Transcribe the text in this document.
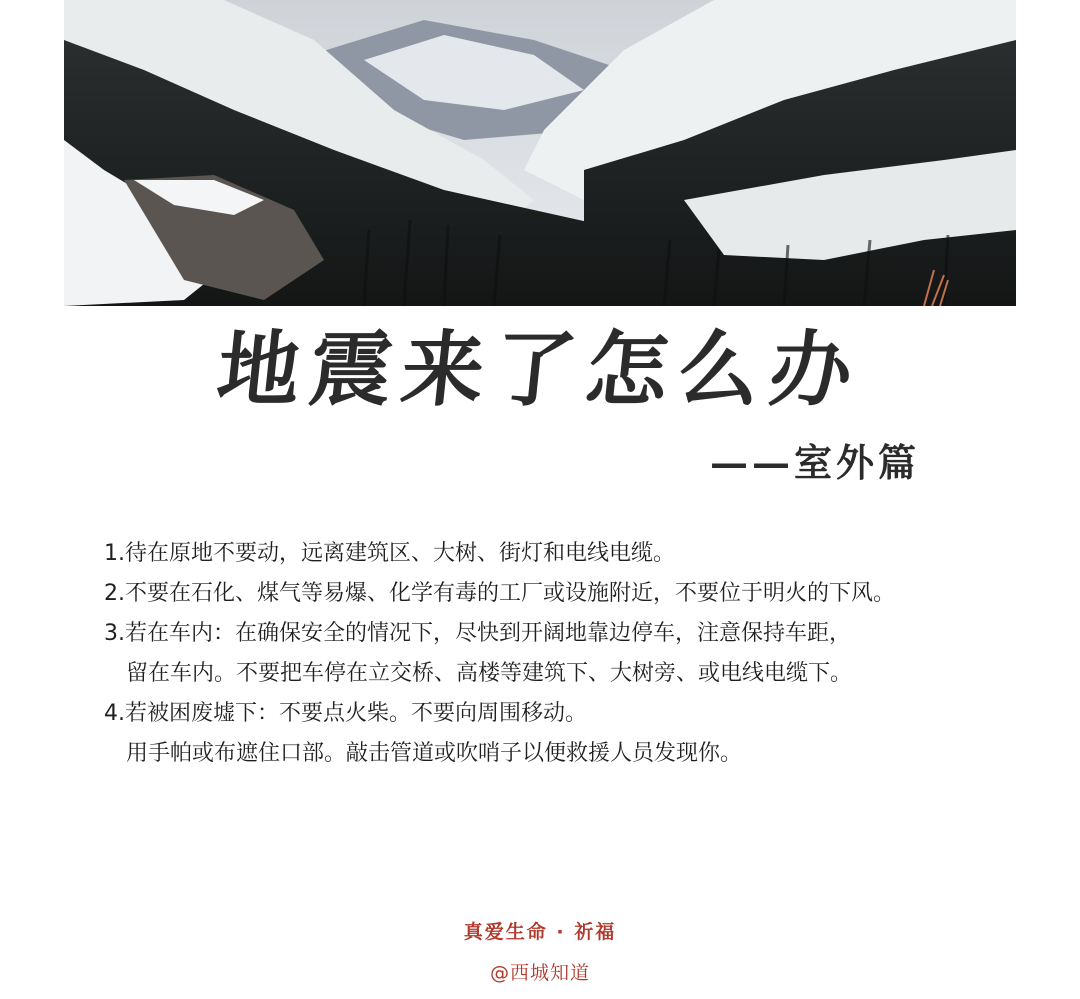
地震来了怎么办
——室外篇
1.待在原地不要动，远离建筑区、大树、街灯和电线电缆。
2.不要在石化、煤气等易爆、化学有毒的工厂或设施附近，不要位于明火的下风。
3.若在车内：在确保安全的情况下，尽快到开阔地靠边停车，注意保持车距，
留在车内。不要把车停在立交桥、高楼等建筑下、大树旁、或电线电缆下。
4.若被困废墟下：不要点火柴。不要向周围移动。
用手帕或布遮住口部。敲击管道或吹哨子以便救援人员发现你。
真爱生命 · 祈福
@西城知道
